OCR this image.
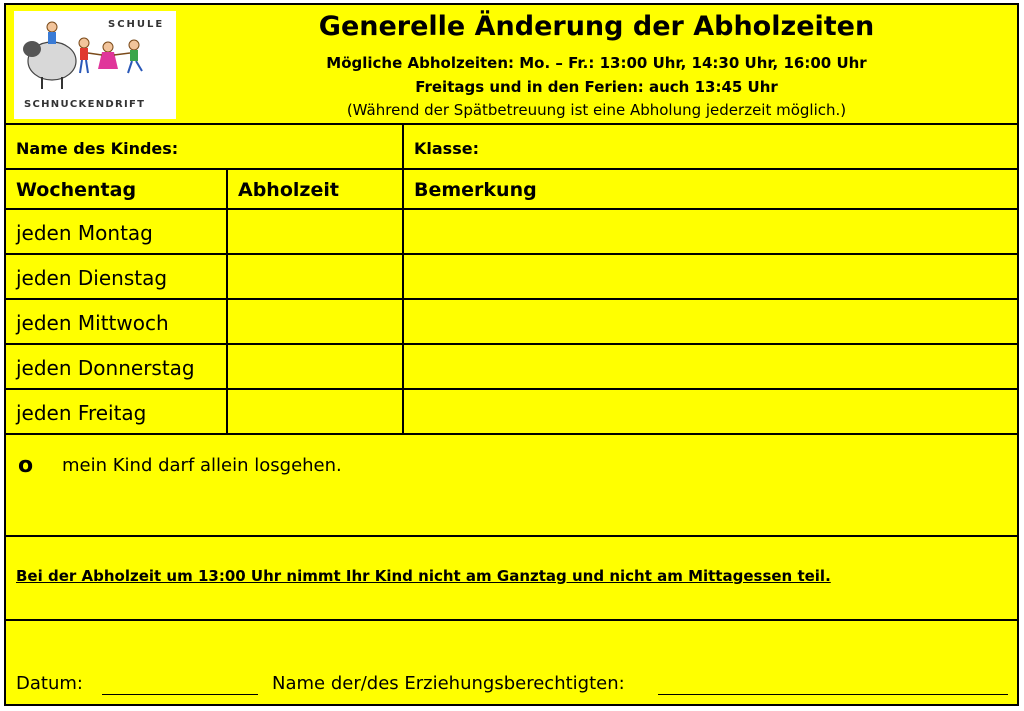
SCHULE
SCHNUCKENDRIFT
Generelle Änderung der Abholzeiten
Mögliche Abholzeiten: Mo. – Fr.: 13:00 Uhr, 14:30 Uhr, 16:00 Uhr
Freitags und in den Ferien: auch 13:45 Uhr
(Während der Spätbetreuung ist eine Abholung jederzeit möglich.)
Name des Kindes:	Klasse:
Wochentag	Abholzeit	Bemerkung
jeden Montag
jeden Dienstag
jeden Mittwoch
jeden Donnerstag
jeden Freitag
o mein Kind darf allein losgehen.
Bei der Abholzeit um 13:00 Uhr nimmt Ihr Kind nicht am Ganztag und nicht am Mittagessen teil.
Datum:	Name der/des Erziehungsberechtigten:
